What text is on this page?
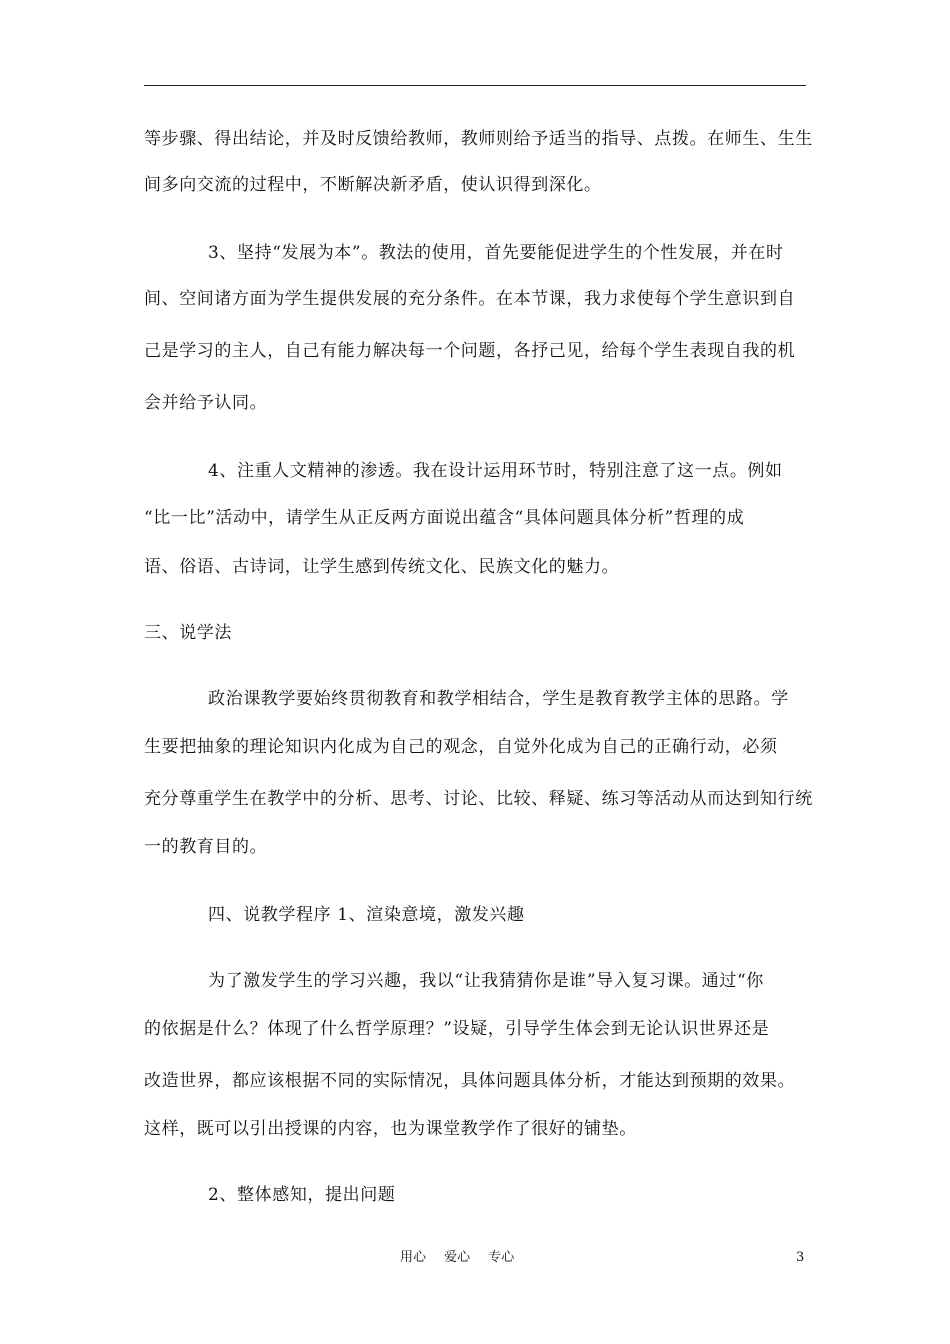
等步骤、得出结论，并及时反馈给教师，教师则给予适当的指导、点拨。在师生、生生
间多向交流的过程中，不断解决新矛盾，使认识得到深化。
3、坚持“发展为本”。教法的使用，首先要能促进学生的个性发展，并在时
间、空间诸方面为学生提供发展的充分条件。在本节课，我力求使每个学生意识到自
己是学习的主人，自己有能力解决每一个问题，各抒己见，给每个学生表现自我的机
会并给予认同。
4、注重人文精神的渗透。我在设计运用环节时，特别注意了这一点。例如
“比一比”活动中，请学生从正反两方面说出蕴含“具体问题具体分析”哲理的成
语、俗语、古诗词，让学生感到传统文化、民族文化的魅力。
三、说学法
政治课教学要始终贯彻教育和教学相结合，学生是教育教学主体的思路。学
生要把抽象的理论知识内化成为自己的观念，自觉外化成为自己的正确行动，必须
充分尊重学生在教学中的分析、思考、讨论、比较、释疑、练习等活动从而达到知行统
一的教育目的。
四、说教学程序 1、渲染意境，激发兴趣
为了激发学生的学习兴趣，我以“让我猜猜你是谁”导入复习课。通过“你
的依据是什么？体现了什么哲学原理？”设疑，引导学生体会到无论认识世界还是
改造世界，都应该根据不同的实际情况，具体问题具体分析，才能达到预期的效果。
这样，既可以引出授课的内容，也为课堂教学作了很好的铺垫。
2、整体感知，提出问题
用心 爱心 专心	3
